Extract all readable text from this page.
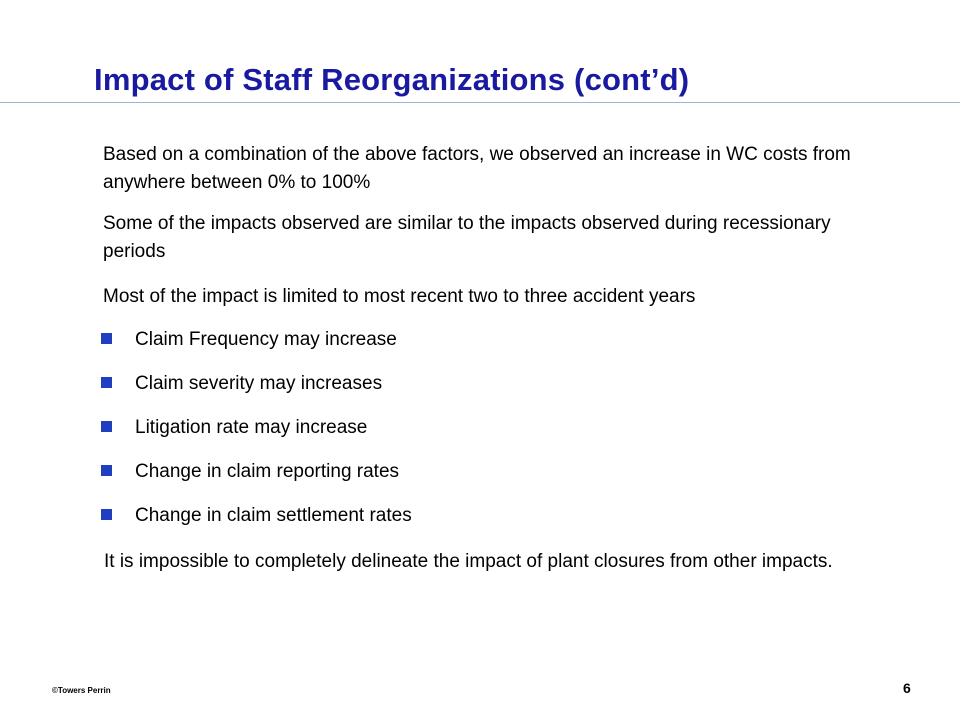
Impact of Staff Reorganizations (cont’d)
Based on a combination of the above factors, we observed an increase in WC costs from anywhere between 0% to 100%
Some of the impacts observed are similar to the impacts observed during recessionary periods
Most of the impact is limited to most recent two to three accident years
Claim Frequency may increase
Claim severity may increases
Litigation rate may increase
Change in claim reporting rates
Change in claim settlement rates
It is impossible to completely delineate the impact of plant closures from other impacts.
©Towers Perrin	6
